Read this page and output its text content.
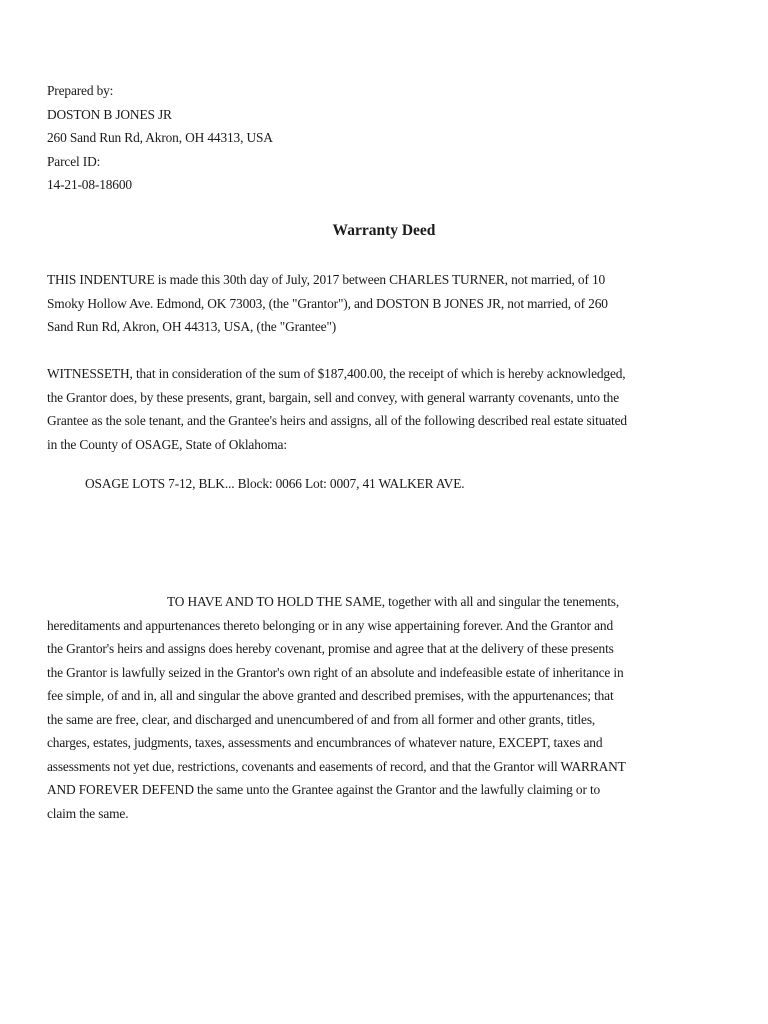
Prepared by:
DOSTON B JONES JR
260 Sand Run Rd, Akron, OH 44313, USA
Parcel ID:
14-21-08-18600
Warranty Deed
THIS INDENTURE is made this 30th day of July, 2017 between CHARLES TURNER, not married, of 10
Smoky Hollow Ave. Edmond, OK 73003, (the "Grantor"), and DOSTON B JONES JR, not married, of 260
Sand Run Rd, Akron, OH 44313, USA, (the "Grantee")
WITNESSETH, that in consideration of the sum of $187,400.00, the receipt of which is hereby acknowledged,
the Grantor does, by these presents, grant, bargain, sell and convey, with general warranty covenants, unto the
Grantee as the sole tenant, and the Grantee's heirs and assigns, all of the following described real estate situated
in the County of OSAGE, State of Oklahoma:
OSAGE LOTS 7-12, BLK... Block: 0066 Lot: 0007, 41 WALKER AVE.
TO HAVE AND TO HOLD THE SAME, together with all and singular the tenements,
hereditaments and appurtenances thereto belonging or in any wise appertaining forever. And the Grantor and
the Grantor's heirs and assigns does hereby covenant, promise and agree that at the delivery of these presents
the Grantor is lawfully seized in the Grantor's own right of an absolute and indefeasible estate of inheritance in
fee simple, of and in, all and singular the above granted and described premises, with the appurtenances; that
the same are free, clear, and discharged and unencumbered of and from all former and other grants, titles,
charges, estates, judgments, taxes, assessments and encumbrances of whatever nature, EXCEPT, taxes and
assessments not yet due, restrictions, covenants and easements of record, and that the Grantor will WARRANT
AND FOREVER DEFEND the same unto the Grantee against the Grantor and the lawfully claiming or to
claim the same.
